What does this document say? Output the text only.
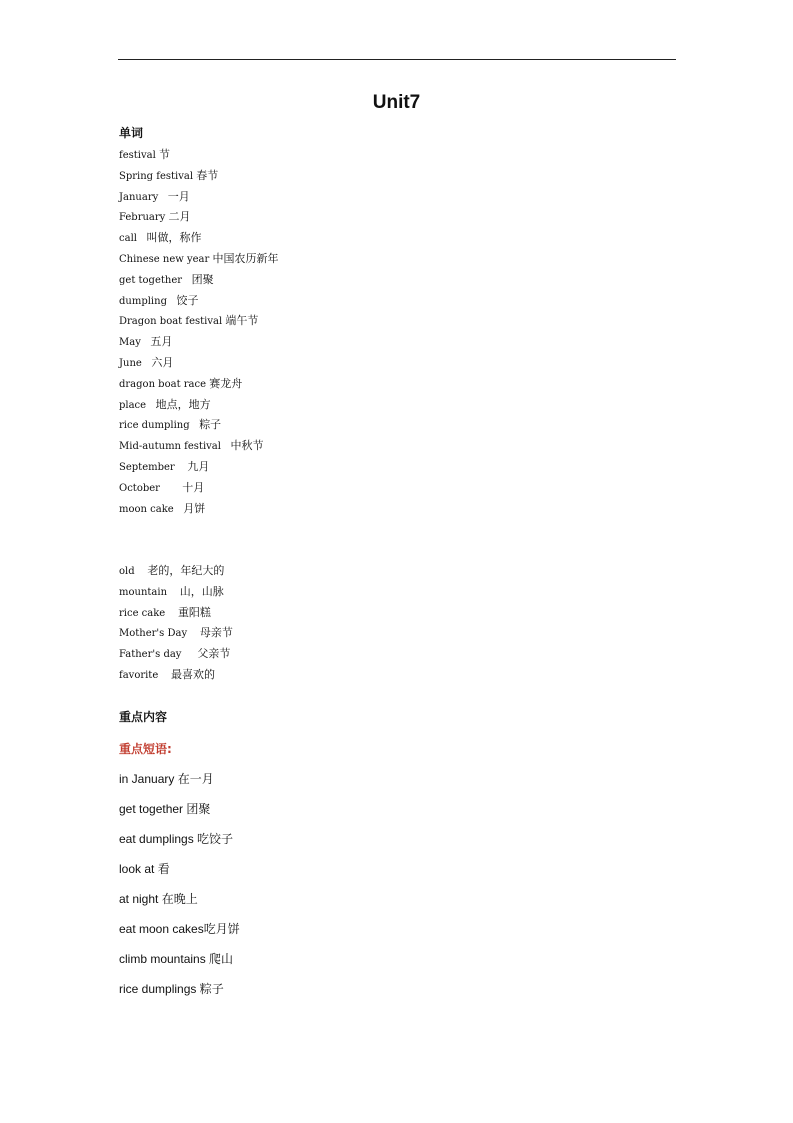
Unit7
单词
festival 节
Spring festival 春节
January 一月
February 二月
call 叫做，称作
Chinese new year 中国农历新年
get together 团聚
dumpling 饺子
Dragon boat festival 端午节
May 五月
June 六月
dragon boat race 赛龙舟
place 地点，地方
rice dumpling 粽子
Mid-autumn festival 中秋节
September 九月
October 十月
moon cake 月饼
old 老的，年纪大的
mountain 山，山脉
rice cake 重阳糕
Mother's Day 母亲节
Father's day 父亲节
favorite 最喜欢的
重点内容
重点短语:
in January 在一月
get together 团聚
eat dumplings 吃饺子
look at 看
at night 在晚上
eat moon cakes吃月饼
climb mountains 爬山
rice dumplings 粽子
